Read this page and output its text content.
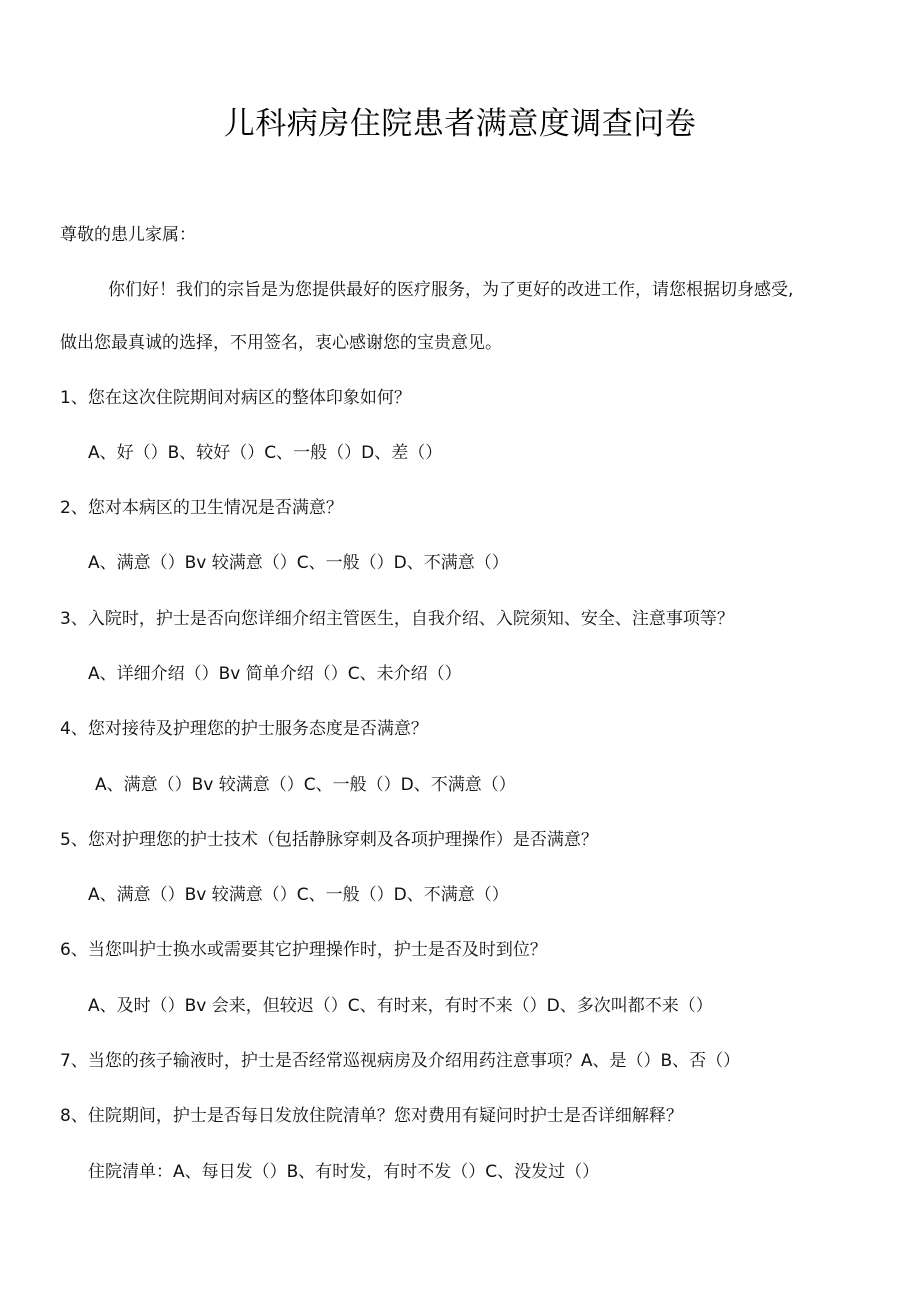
儿科病房住院患者满意度调查问卷
尊敬的患儿家属：
你们好！我们的宗旨是为您提供最好的医疗服务，为了更好的改进工作，请您根据切身感受,
做出您最真诚的选择，不用签名，衷心感谢您的宝贵意见。
1、您在这次住院期间对病区的整体印象如何？
A、好（）B、较好（）C、一般（）D、差（）
2、您对本病区的卫生情况是否满意？
A、满意（）Bv 较满意（）C、一般（）D、不满意（）
3、入院时，护士是否向您详细介绍主管医生，自我介绍、入院须知、安全、注意事项等？
A、详细介绍（）Bv 简单介绍（）C、未介绍（）
4、您对接待及护理您的护士服务态度是否满意？
A、满意（）Bv 较满意（）C、一般（）D、不满意（）
5、您对护理您的护士技术（包括静脉穿刺及各项护理操作）是否满意？
A、满意（）Bv 较满意（）C、一般（）D、不满意（）
6、当您叫护士换水或需要其它护理操作时，护士是否及时到位？
A、及时（）Bv 会来，但较迟（）C、有时来，有时不来（）D、多次叫都不来（）
7、当您的孩子输液时，护士是否经常巡视病房及介绍用药注意事项？A、是（）B、否（）
8、住院期间，护士是否每日发放住院清单？您对费用有疑问时护士是否详细解释？
住院清单：A、每日发（）B、有时发，有时不发（）C、没发过（）
